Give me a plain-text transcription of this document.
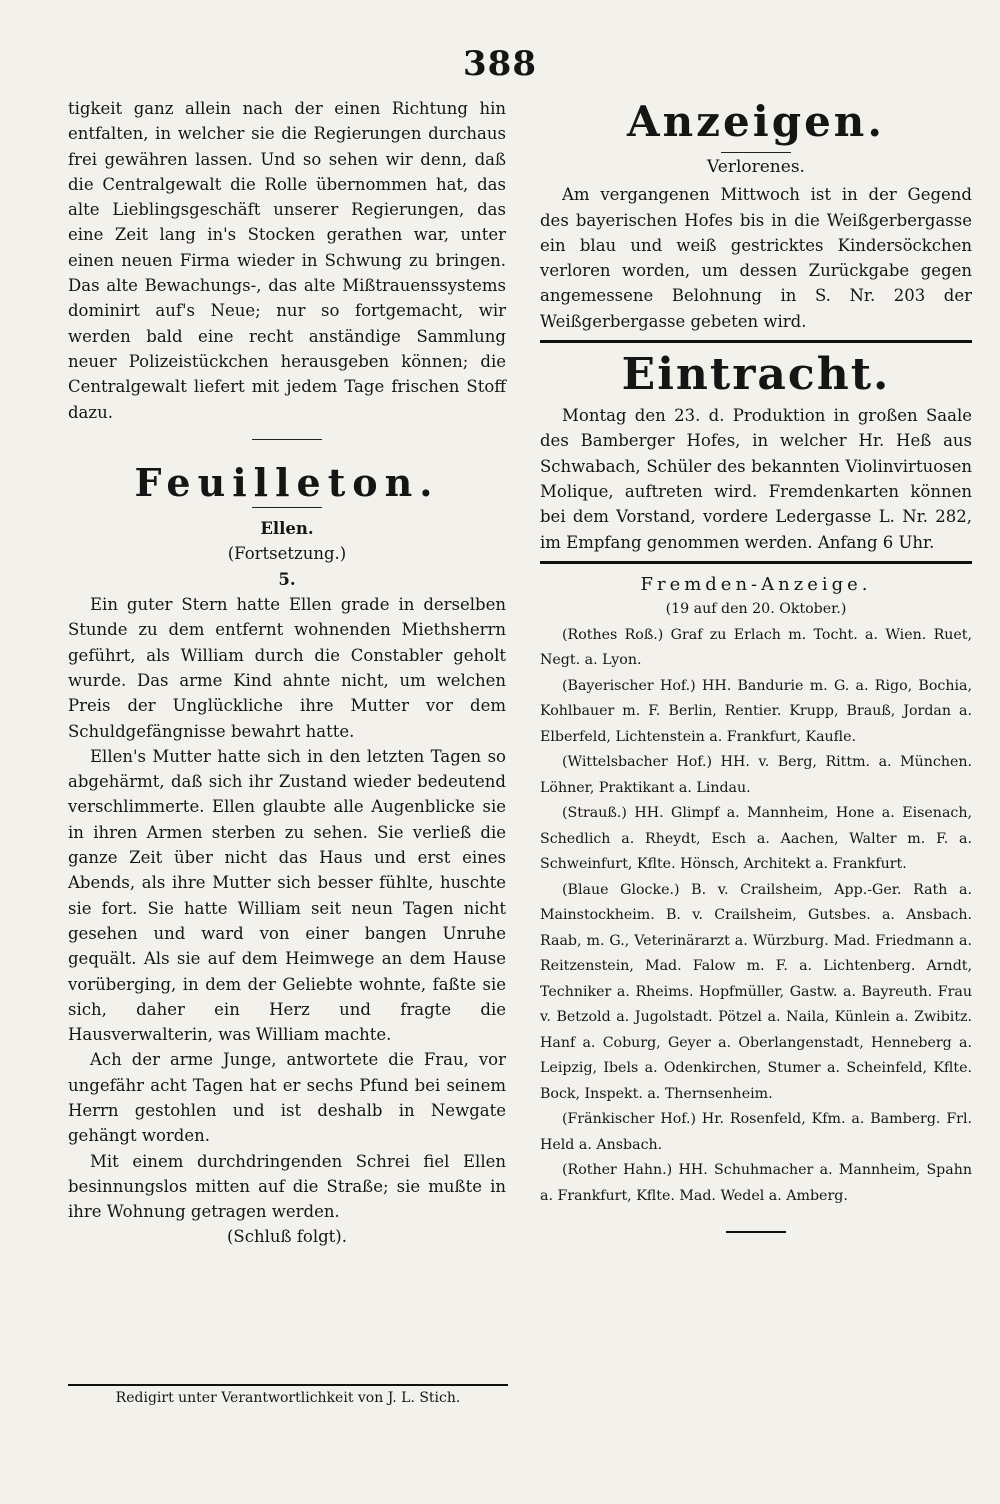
388

tigkeit ganz allein nach der einen Richtung hin entfalten, in welcher sie die Regierungen durchaus frei gewähren lassen. Und so sehen wir denn, daß die Centralgewalt die Rolle übernommen hat, das alte Lieblingsgeschäft unserer Regierungen, das eine Zeit lang in's Stocken gerathen war, unter einen neuen Firma wieder in Schwung zu bringen. Das alte Bewachungs-, das alte Mißtrauenssystems dominirt auf's Neue; nur so fortgemacht, wir werden bald eine recht anständige Sammlung neuer Polizeistückchen herausgeben können; die Centralgewalt liefert mit jedem Tage frischen Stoff dazu.

Feuilleton.

Ellen.

(Fortsetzung.)

5.

Ein guter Stern hatte Ellen grade in derselben Stunde zu dem entfernt wohnenden Miethsherrn geführt, als William durch die Constabler geholt wurde. Das arme Kind ahnte nicht, um welchen Preis der Unglückliche ihre Mutter vor dem Schuldgefängnisse bewahrt hatte.

Ellen's Mutter hatte sich in den letzten Tagen so abgehärmt, daß sich ihr Zustand wieder bedeutend verschlimmerte. Ellen glaubte alle Augenblicke sie in ihren Armen sterben zu sehen. Sie verließ die ganze Zeit über nicht das Haus und erst eines Abends, als ihre Mutter sich besser fühlte, huschte sie fort. Sie hatte William seit neun Tagen nicht gesehen und ward von einer bangen Unruhe gequält. Als sie auf dem Heimwege an dem Hause vorüberging, in dem der Geliebte wohnte, faßte sie sich, daher ein Herz und fragte die Hausverwalterin, was William machte.

Ach der arme Junge, antwortete die Frau, vor ungefähr acht Tagen hat er sechs Pfund bei seinem Herrn gestohlen und ist deshalb in Newgate gehängt worden.

Mit einem durchdringenden Schrei fiel Ellen besinnungslos mitten auf die Straße; sie mußte in ihre Wohnung getragen werden.

(Schluß folgt).

Redigirt unter Verantwortlichkeit von J. L. Stich.
Anzeigen.
Verlorenes.

Am vergangenen Mittwoch ist in der Gegend des bayerischen Hofes bis in die Weißgerbergasse ein blau und weiß gestricktes Kindersöckchen verloren worden, um dessen Zurückgabe gegen angemessene Belohnung in S. Nr. 203 der Weißgerbergasse gebeten wird.

Eintracht.

Montag den 23. d. Produktion in großen Saale des Bamberger Hofes, in welcher Hr. Heß aus Schwabach, Schüler des bekannten Violinvirtuosen Molique, auftreten wird. Fremdenkarten können bei dem Vorstand, vordere Ledergasse L. Nr. 282, im Empfang genommen werden. Anfang 6 Uhr.

Fremden-Anzeige.

(19 auf den 20. Oktober.)

(Rothes Roß.) Graf zu Erlach m. Tocht. a. Wien. Ruet, Negt. a. Lyon.

(Bayerischer Hof.) HH. Bandurie m. G. a. Rigo, Bochia, Kohlbauer m. F. Berlin, Rentier. Krupp, Brauß, Jordan a. Elberfeld, Lichtenstein a. Frankfurt, Kaufle.

(Wittelsbacher Hof.) HH. v. Berg, Rittm. a. München. Löhner, Praktikant a. Lindau.

(Strauß.) HH. Glimpf a. Mannheim, Hone a. Eisenach, Schedlich a. Rheydt, Esch a. Aachen, Walter m. F. a. Schweinfurt, Kflte. Hönsch, Architekt a. Frankfurt.

(Blaue Glocke.) B. v. Crailsheim, App.-Ger. Rath a. Mainstockheim. B. v. Crailsheim, Gutsbes. a. Ansbach. Raab, m. G., Veterinärarzt a. Würzburg. Mad. Friedmann a. Reitzenstein, Mad. Falow m. F. a. Lichtenberg. Arndt, Techniker a. Rheims. Hopfmüller, Gastw. a. Bayreuth. Frau v. Betzold a. Jugolstadt. Pötzel a. Naila, Künlein a. Zwibitz. Hanf a. Coburg, Geyer a. Oberlangenstadt, Henneberg a. Leipzig, Ibels a. Odenkirchen, Stumer a. Scheinfeld, Kflte. Bock, Inspekt. a. Thernsenheim.

(Fränkischer Hof.) Hr. Rosenfeld, Kfm. a. Bamberg. Frl. Held a. Ansbach.

(Rother Hahn.) HH. Schuhmacher a. Mannheim, Spahn a. Frankfurt, Kflte. Mad. Wedel a. Amberg.
